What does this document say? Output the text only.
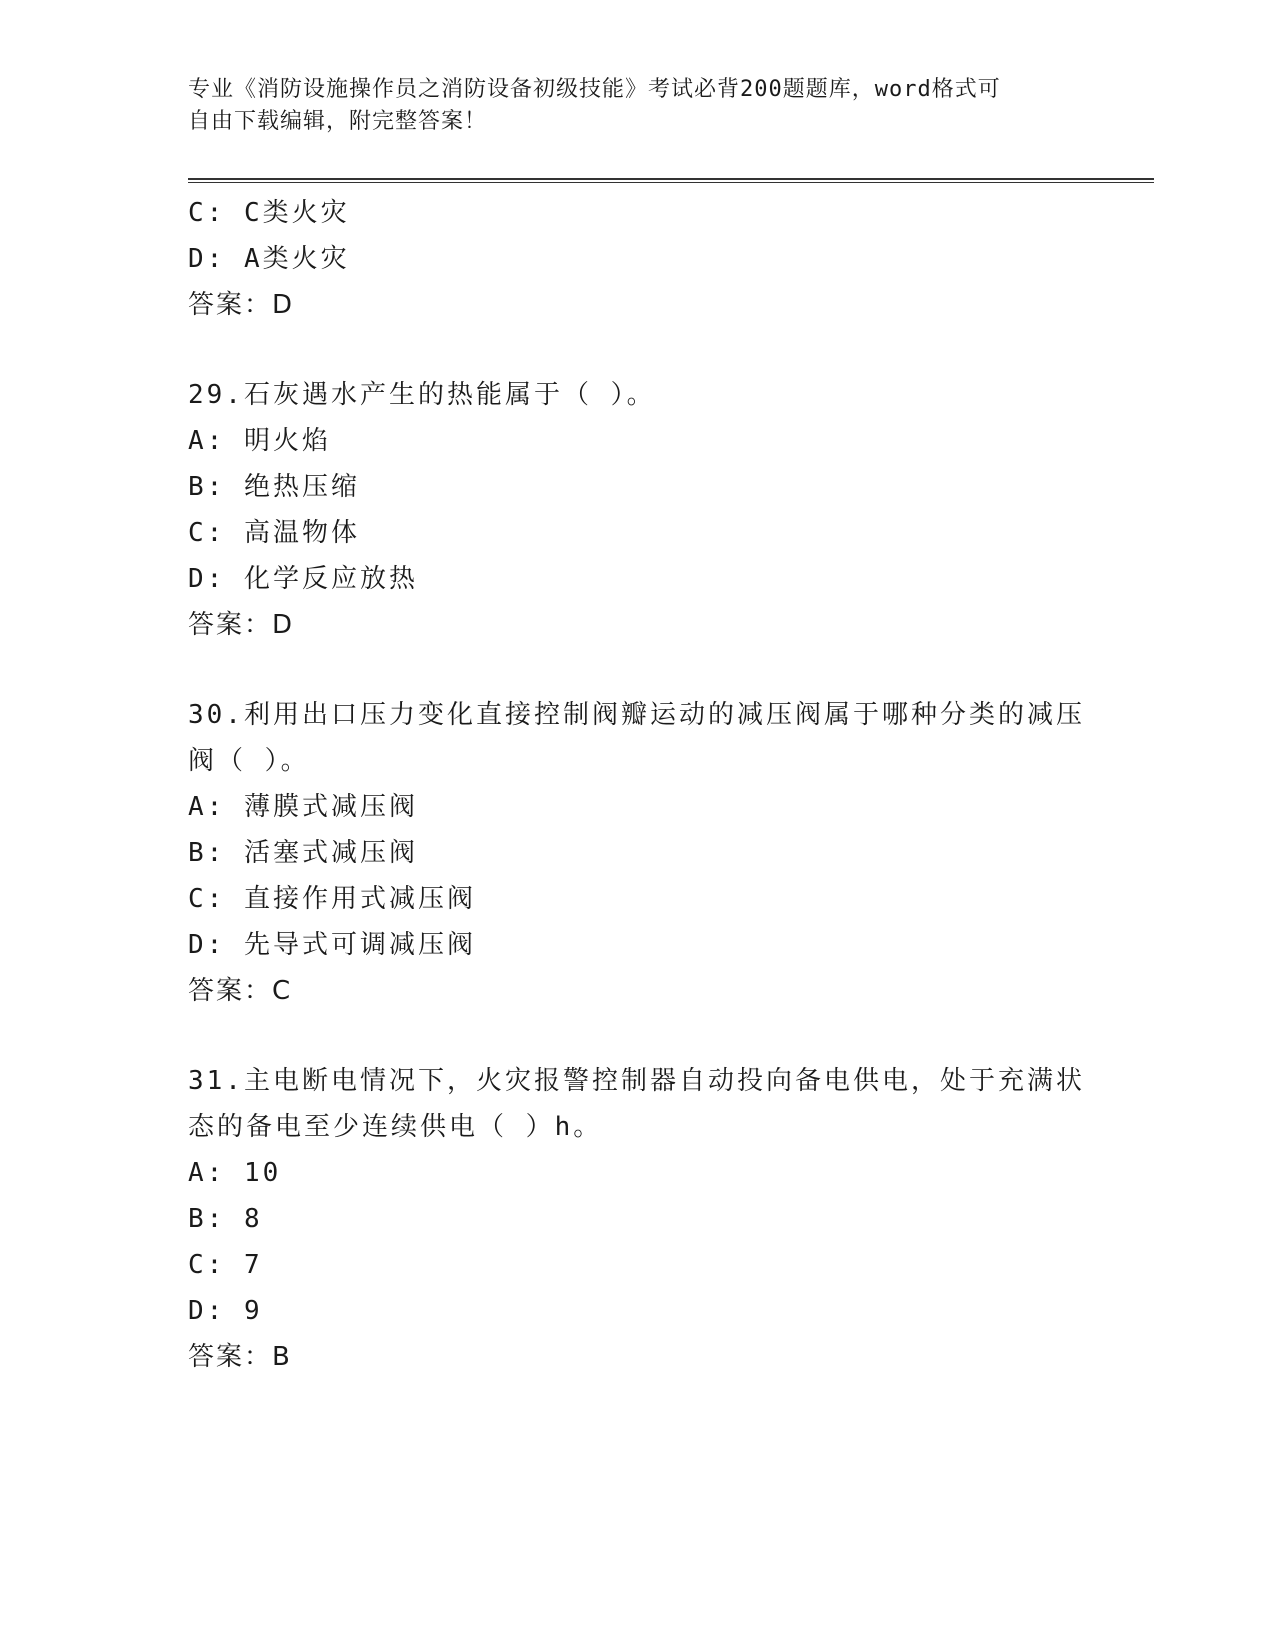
专业《消防设施操作员之消防设备初级技能》考试必背200题题库，word格式可
自由下载编辑，附完整答案！
C: C类火灾
D: A类火灾
答案：D
29.石灰遇水产生的热能属于（ ）。
A: 明火焰
B: 绝热压缩
C: 高温物体
D: 化学反应放热
答案：D
30.利用出口压力变化直接控制阀瓣运动的减压阀属于哪种分类的减压
阀（ ）。
A: 薄膜式减压阀
B: 活塞式减压阀
C: 直接作用式减压阀
D: 先导式可调减压阀
答案：C
31.主电断电情况下，火灾报警控制器自动投向备电供电，处于充满状
态的备电至少连续供电（ ）h。
A: 10
B: 8
C: 7
D: 9
答案：B
